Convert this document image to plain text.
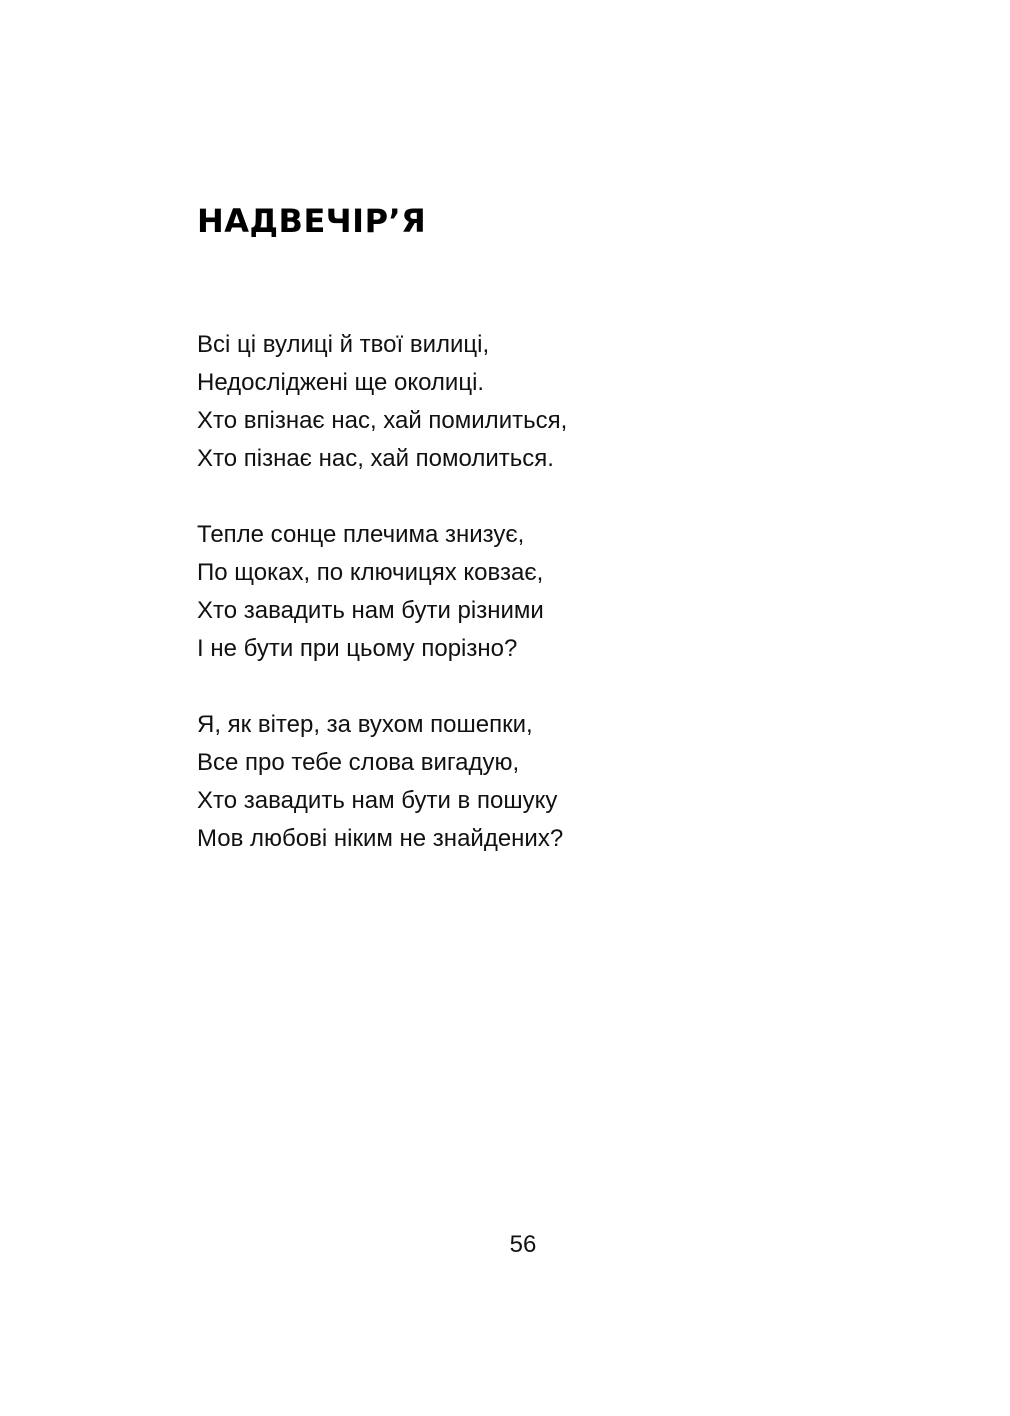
НАДВЕЧІР’Я
Всі ці вулиці й твої вилиці,
Недосліджені ще околиці.
Хто впізнає нас, хай помилиться,
Хто пізнає нас, хай помолиться.
Тепле сонце плечима знизує,
По щоках, по ключицях ковзає,
Хто завадить нам бути різними
І не бути при цьому порізно?
Я, як вітер, за вухом пошепки,
Все про тебе слова вигадую,
Хто завадить нам бути в пошуку
Мов любові ніким не знайдених?
56
